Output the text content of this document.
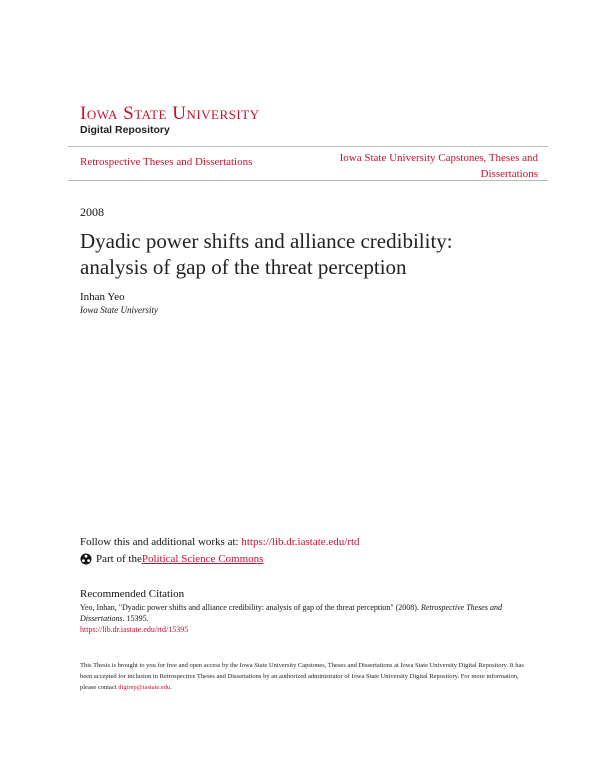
Iowa State University
Digital Repository
Retrospective Theses and Dissertations	Iowa State University Capstones, Theses and Dissertations
2008
Dyadic power shifts and alliance credibility: analysis of gap of the threat perception
Inhan Yeo
Iowa State University
Follow this and additional works at: https://lib.dr.iastate.edu/rtd
Part of the Political Science Commons
Recommended Citation
Yeo, Inhan, "Dyadic power shifts and alliance credibility: analysis of gap of the threat perception" (2008). Retrospective Theses and Dissertations. 15395.
https://lib.dr.iastate.edu/rtd/15395
This Thesis is brought to you for free and open access by the Iowa State University Capstones, Theses and Dissertations at Iowa State University Digital Repository. It has been accepted for inclusion in Retrospective Theses and Dissertations by an authorized administrator of Iowa State University Digital Repository. For more information, please contact digirep@iastate.edu.
